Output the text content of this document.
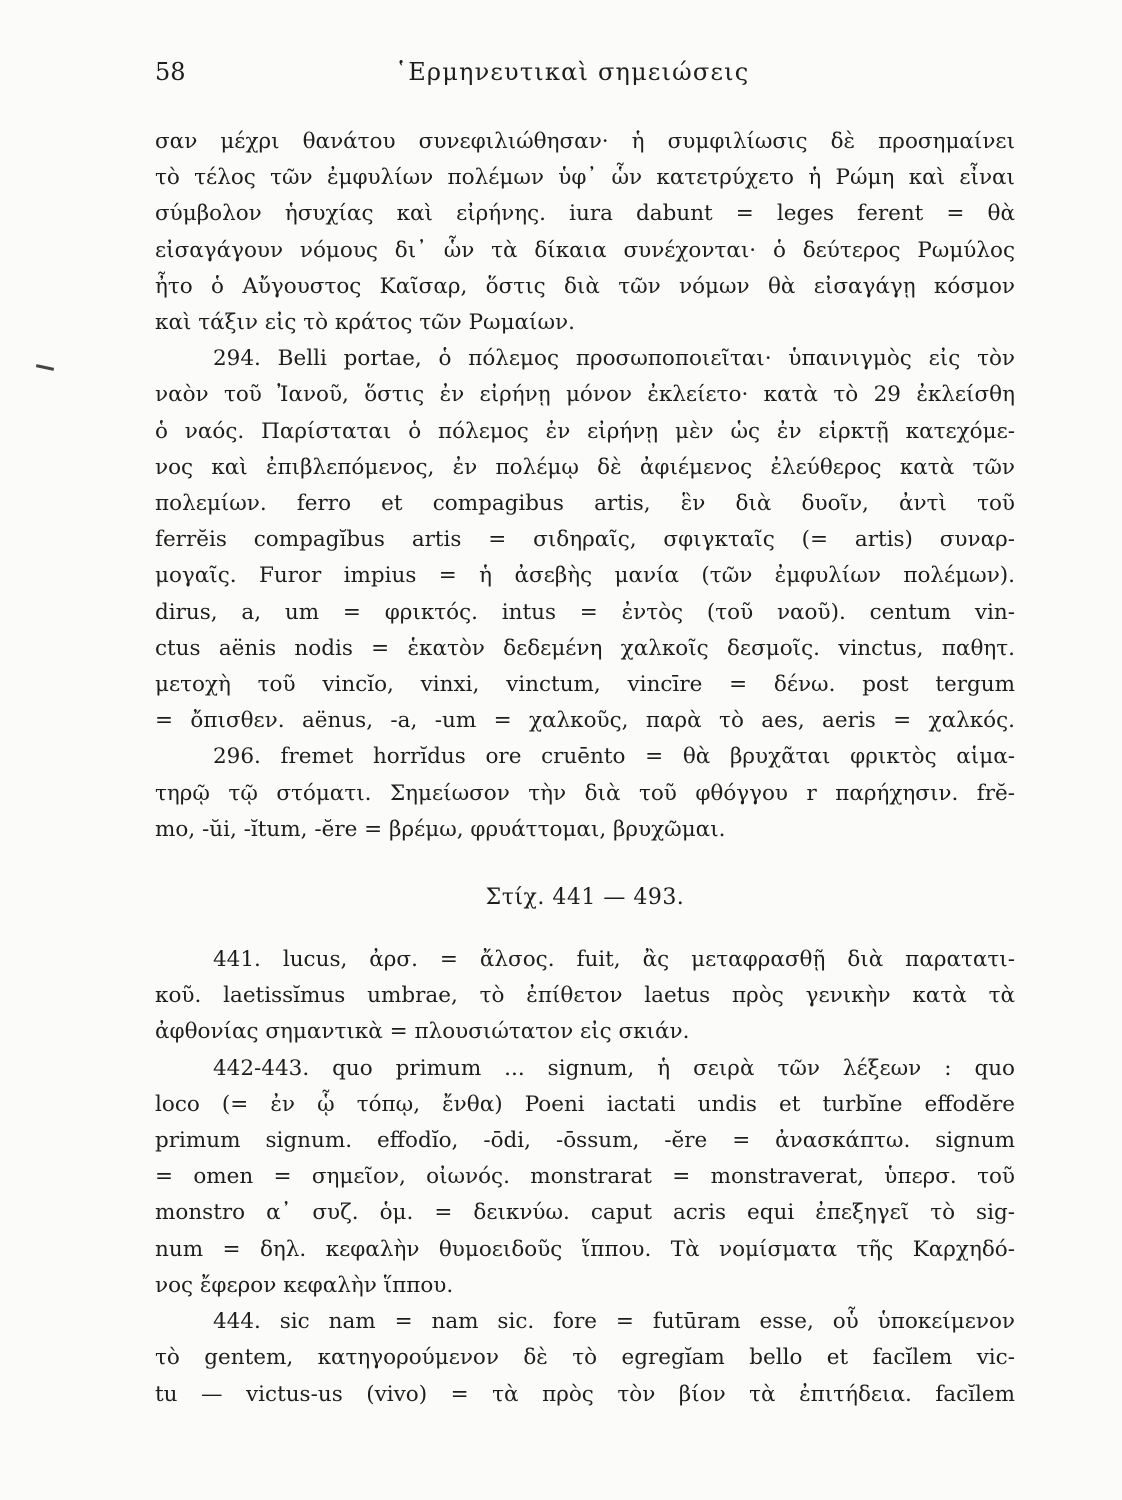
58	῾Ερμηνευτικαὶ σημειώσεις

σαν μέχρι θανάτου συνεφιλιώθησαν· ἡ συμφιλίωσις δὲ προσημαίνει

τὸ τέλος τῶν ἐμφυλίων πολέμων ὑφ᾽ ὧν κατετρύχετο ἡ Ρώμη καὶ εἶναι

σύμβολον ἡσυχίας καὶ εἰρήνης. iura dabunt = leges ferent = θὰ

εἰσαγάγουν νόμους δι᾽ ὧν τὰ δίκαια συνέχονται· ὁ δεύτερος Ρωμύλος

ἦτο ὁ Αὔγουστος Καῖσαρ, ὅστις διὰ τῶν νόμων θὰ εἰσαγάγῃ κόσμον

καὶ τάξιν εἰς τὸ κράτος τῶν Ρωμαίων.

294. Belli portae, ὁ πόλεμος προσωποποιεῖται· ὑπαινιγμὸς εἰς τὸν

ναὸν τοῦ Ἰανοῦ, ὅστις ἐν εἰρήνῃ μόνον ἐκλείετο· κατὰ τὸ 29 ἐκλείσθη

ὁ ναός. Παρίσταται ὁ πόλεμος ἐν εἰρήνῃ μὲν ὡς ἐν εἱρκτῇ κατεχόμε-

νος καὶ ἐπιβλεπόμενος, ἐν πολέμῳ δὲ ἀφιέμενος ἐλεύθερος κατὰ τῶν

πολεμίων. ferro et compagibus artis, ἓν διὰ δυοῖν, ἀντὶ τοῦ

ferrĕis compagĭbus artis = σιδηραῖς, σφιγκταῖς (= artis) συναρ-

μογαῖς. Furor impius = ἡ ἀσεβὴς μανία (τῶν ἐμφυλίων πολέμων).

dirus, a, um = φρικτός. intus = ἐντὸς (τοῦ ναοῦ). centum vin-

ctus aënis nodis = ἑκατὸν δεδεμένη χαλκοῖς δεσμοῖς. vinctus, παθητ.

μετοχὴ τοῦ vincĭo, vinxi, vinctum, vincīre = δένω. post tergum

= ὄπισθεν. aënus, -a, -um = χαλκοῦς, παρὰ τὸ aes, aeris = χαλκός.

296. fremet horrĭdus ore cruēnto = θὰ βρυχᾶται φρικτὸς αἱμα-

τηρῷ τῷ στόματι. Σημείωσον τὴν διὰ τοῦ φθόγγου r παρήχησιν. frĕ-

mo, -ŭi, -ĭtum, -ĕre = βρέμω, φρυάττομαι, βρυχῶμαι.

Στίχ. 441 — 493.

441. lucus, ἀρσ. = ἄλσος. fuit, ἂς μεταφρασθῇ διὰ παρατατι-

κοῦ. laetissĭmus umbrae, τὸ ἐπίθετον laetus πρὸς γενικὴν κατὰ τὰ

ἀφθονίας σημαντικὰ = πλουσιώτατον εἰς σκιάν.

442-443. quo primum ... signum, ἡ σειρὰ τῶν λέξεων : quo

loco (= ἐν ᾧ τόπῳ, ἔνθα) Poeni iactati undis et turbĭne effodĕre

primum signum. effodĭo, -ōdi, -ōssum, -ĕre = ἀνασκάπτω. signum

= omen = σημεῖον, οἰωνός. monstrarat = monstraverat, ὑπερσ. τοῦ

monstro α᾽ συζ. ὁμ. = δεικνύω. caput acris equi ἐπεξηγεῖ τὸ sig-

num = δηλ. κεφαλὴν θυμοειδοῦς ἵππου. Τὰ νομίσματα τῆς Καρχηδό-

νος ἔφερον κεφαλὴν ἵππου.

444. sic nam = nam sic. fore = futūram esse, οὗ ὑποκείμενον

τὸ gentem, κατηγορούμενον δὲ τὸ egregĭam bello et facĭlem vic-

tu — victus-us (vivo) = τὰ πρὸς τὸν βίον τὰ ἐπιτήδεια. facĭlem
